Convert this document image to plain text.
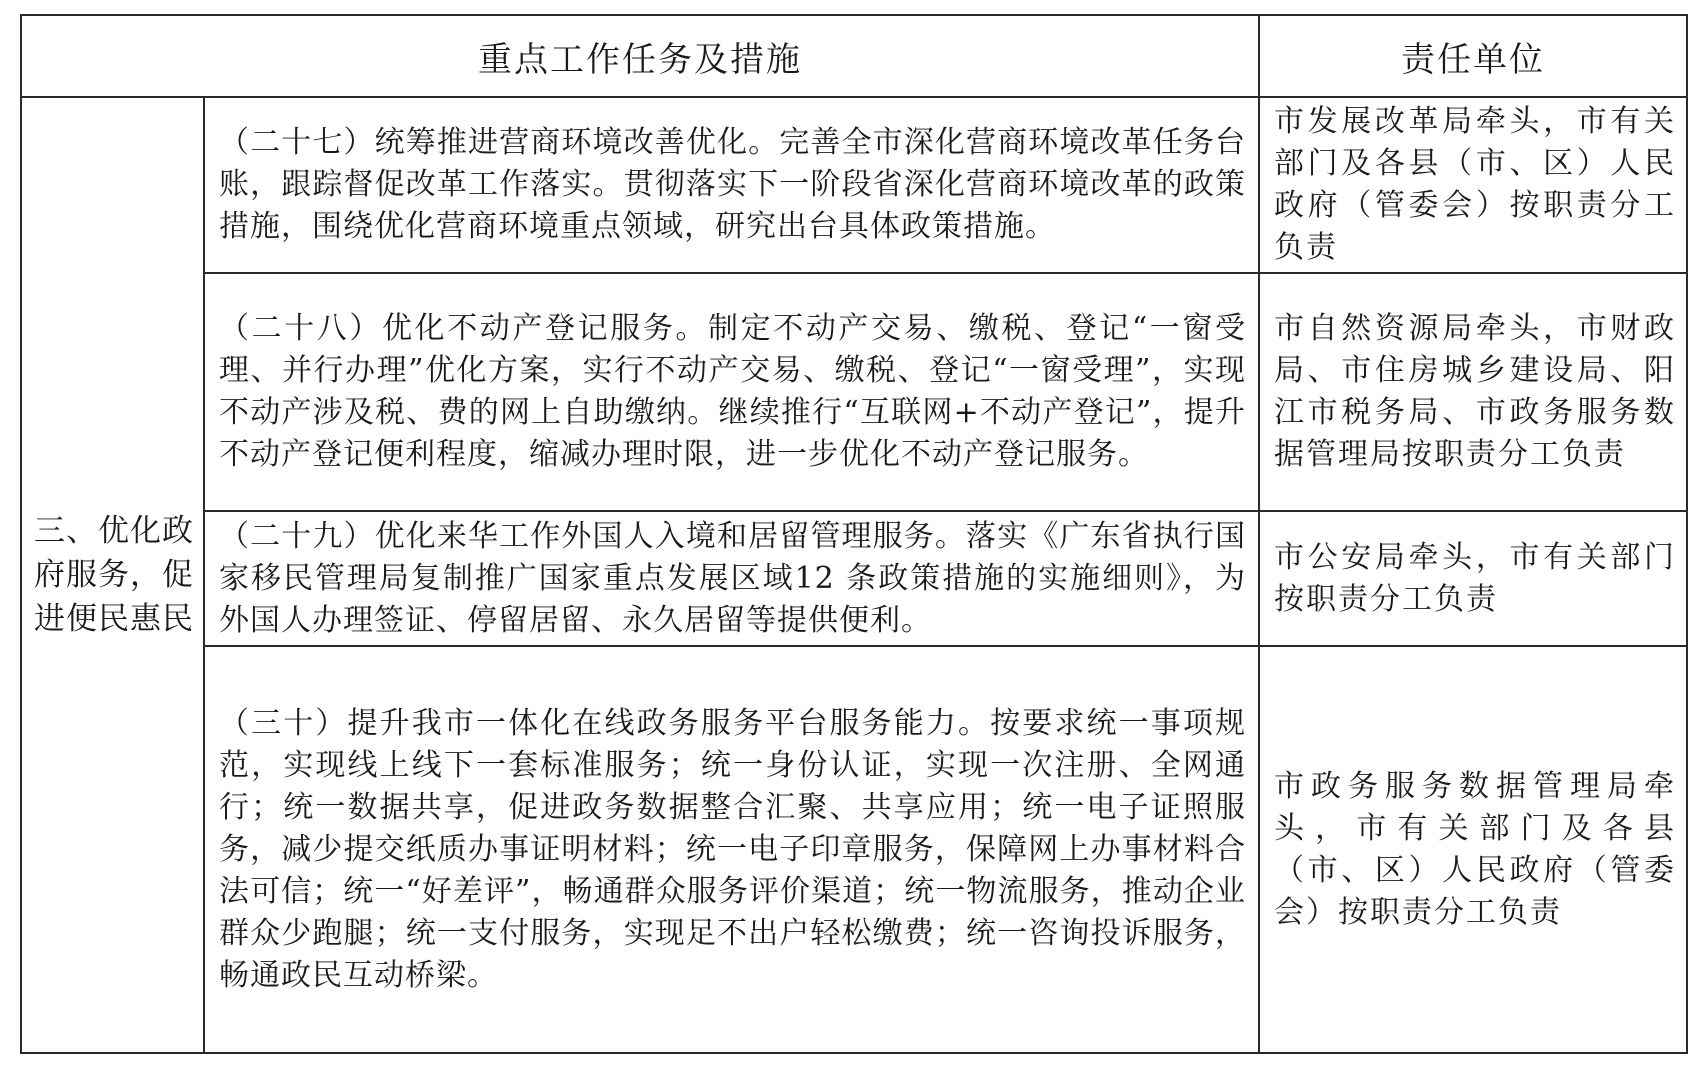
重点工作任务及措施		责任单位
三、优化政府服务，促进便民惠民	（二十七）统筹推进营商环境改善优化。完善全市深化营商环境改革任务台账，跟踪督促改革工作落实。贯彻落实下一阶段省深化营商环境改革的政策措施，围绕优化营商环境重点领域，研究出台具体政策措施。	市发展改革局牵头，市有关部门及各县（市、区）人民政府（管委会）按职责分工负责
	（二十八）优化不动产登记服务。制定不动产交易、缴税、登记“一窗受理、并行办理”优化方案，实行不动产交易、缴税、登记“一窗受理”，实现不动产涉及税、费的网上自助缴纳。继续推行“互联网+不动产登记”，提升不动产登记便利程度，缩减办理时限，进一步优化不动产登记服务。	市自然资源局牵头，市财政局、市住房城乡建设局、阳江市税务局、市政务服务数据管理局按职责分工负责
	（二十九）优化来华工作外国人入境和居留管理服务。落实《广东省执行国家移民管理局复制推广国家重点发展区域12 条政策措施的实施细则》，为外国人办理签证、停留居留、永久居留等提供便利。	市公安局牵头，市有关部门按职责分工负责
	（三十）提升我市一体化在线政务服务平台服务能力。按要求统一事项规范，实现线上线下一套标准服务；统一身份认证，实现一次注册、全网通行；统一数据共享，促进政务数据整合汇聚、共享应用；统一电子证照服务，减少提交纸质办事证明材料；统一电子印章服务，保障网上办事材料合法可信；统一“好差评”，畅通群众服务评价渠道；统一物流服务，推动企业群众少跑腿；统一支付服务，实现足不出户轻松缴费；统一咨询投诉服务，畅通政民互动桥梁。	市政务服务数据管理局牵头，市有关部门及各县（市、区）人民政府（管委会）按职责分工负责
